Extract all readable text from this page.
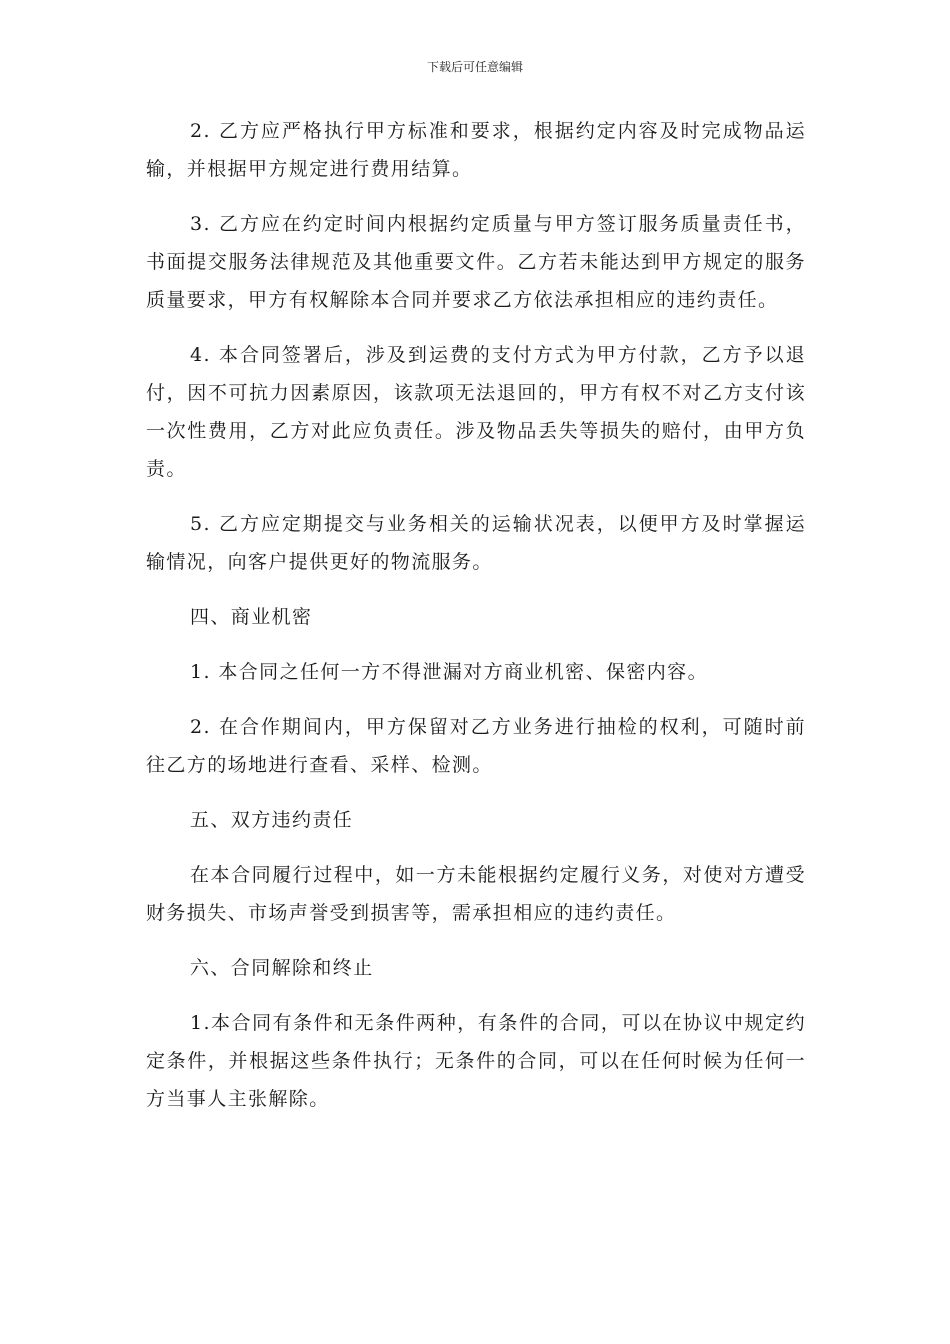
下载后可任意编辑

2. 乙方应严格执行甲方标准和要求，根据约定内容及时完成物品运输，并根据甲方规定进行费用结算。

3. 乙方应在约定时间内根据约定质量与甲方签订服务质量责任书，书面提交服务法律规范及其他重要文件。乙方若未能达到甲方规定的服务质量要求，甲方有权解除本合同并要求乙方依法承担相应的违约责任。

4. 本合同签署后，涉及到运费的支付方式为甲方付款，乙方予以退付，因不可抗力因素原因，该款项无法退回的，甲方有权不对乙方支付该一次性费用，乙方对此应负责任。涉及物品丢失等损失的赔付，由甲方负责。

5. 乙方应定期提交与业务相关的运输状况表，以便甲方及时掌握运输情况，向客户提供更好的物流服务。

四、商业机密

1. 本合同之任何一方不得泄漏对方商业机密、保密内容。

2. 在合作期间内，甲方保留对乙方业务进行抽检的权利，可随时前往乙方的场地进行查看、采样、检测。

五、双方违约责任

在本合同履行过程中，如一方未能根据约定履行义务，对使对方遭受财务损失、市场声誉受到损害等，需承担相应的违约责任。

六、合同解除和终止

1.本合同有条件和无条件两种，有条件的合同，可以在协议中规定约定条件，并根据这些条件执行；无条件的合同，可以在任何时候为任何一方当事人主张解除。
